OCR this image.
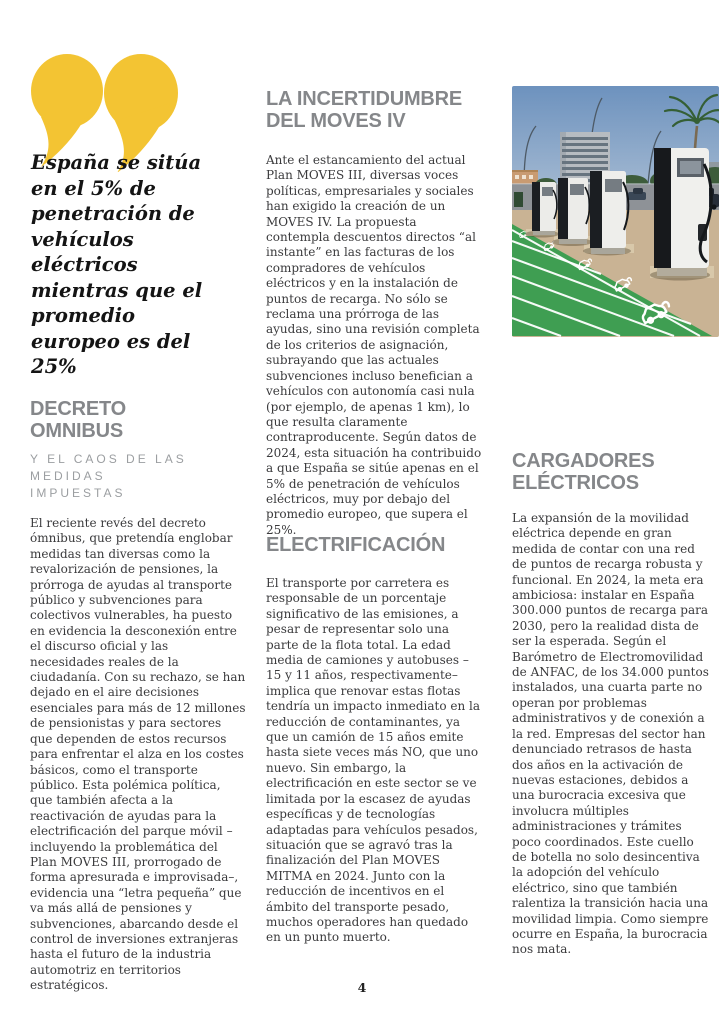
España se sitúa en el 5% de penetración de vehículos eléctricos mientras que el promedio europeo es del 25%
DECRETO OMNIBUS
Y EL CAOS DE LAS
MEDIDAS
IMPUESTAS

El reciente revés del decreto ómnibus, que pretendía englobar medidas tan diversas como la revalorización de pensiones, la prórroga de ayudas al transporte público y subvenciones para colectivos vulnerables, ha puesto en evidencia la desconexión entre el discurso oficial y las necesidades reales de la ciudadanía. Con su rechazo, se han dejado en el aire decisiones esenciales para más de 12 millones de pensionistas y para sectores que dependen de estos recursos para enfrentar el alza en los costes básicos, como el transporte público. Esta polémica política, que también afecta a la reactivación de ayudas para la electrificación del parque móvil –incluyendo la problemática del Plan MOVES III, prorrogado de forma apresurada e improvisada–, evidencia una “letra pequeña” que va más allá de pensiones y subvenciones, abarcando desde el control de inversiones extranjeras hasta el futuro de la industria automotriz en territorios estratégicos.

LA INCERTIDUMBRE DEL MOVES IV

Ante el estancamiento del actual Plan MOVES III, diversas voces políticas, empresariales y sociales han exigido la creación de un MOVES IV. La propuesta contempla descuentos directos “al instante” en las facturas de los compradores de vehículos eléctricos y en la instalación de puntos de recarga. No sólo se reclama una prórroga de las ayudas, sino una revisión completa de los criterios de asignación, subrayando que las actuales subvenciones incluso benefician a vehículos con autonomía casi nula (por ejemplo, de apenas 1 km), lo que resulta claramente contraproducente. Según datos de 2024, esta situación ha contribuido a que España se sitúe apenas en el 5% de penetración de vehículos eléctricos, muy por debajo del promedio europeo, que supera el 25%.

ELECTRIFICACIÓN

El transporte por carretera es responsable de un porcentaje significativo de las emisiones, a pesar de representar solo una parte de la flota total. La edad media de camiones y autobuses –15 y 11 años, respectivamente– implica que renovar estas flotas tendría un impacto inmediato en la reducción de contaminantes, ya que un camión de 15 años emite hasta siete veces más NO, que uno nuevo. Sin embargo, la electrificación en este sector se ve limitada por la escasez de ayudas específicas y de tecnologías adaptadas para vehículos pesados, situación que se agravó tras la finalización del Plan MOVES MITMA en 2024. Junto con la reducción de incentivos en el ámbito del transporte pesado, muchos operadores han quedado en un punto muerto.

CARGADORES ELÉCTRICOS

La expansión de la movilidad eléctrica depende en gran medida de contar con una red de puntos de recarga robusta y funcional. En 2024, la meta era ambiciosa: instalar en España 300.000 puntos de recarga para 2030, pero la realidad dista de ser la esperada. Según el Barómetro de Electromovilidad de ANFAC, de los 34.000 puntos instalados, una cuarta parte no operan por problemas administrativos y de conexión a la red. Empresas del sector han denunciado retrasos de hasta dos años en la activación de nuevas estaciones, debidos a una burocracia excesiva que involucra múltiples administraciones y trámites poco coordinados. Este cuello de botella no solo desincentiva la adopción del vehículo eléctrico, sino que también ralentiza la transición hacia una movilidad limpia. Como siempre ocurre en España, la burocracia nos mata.

4
